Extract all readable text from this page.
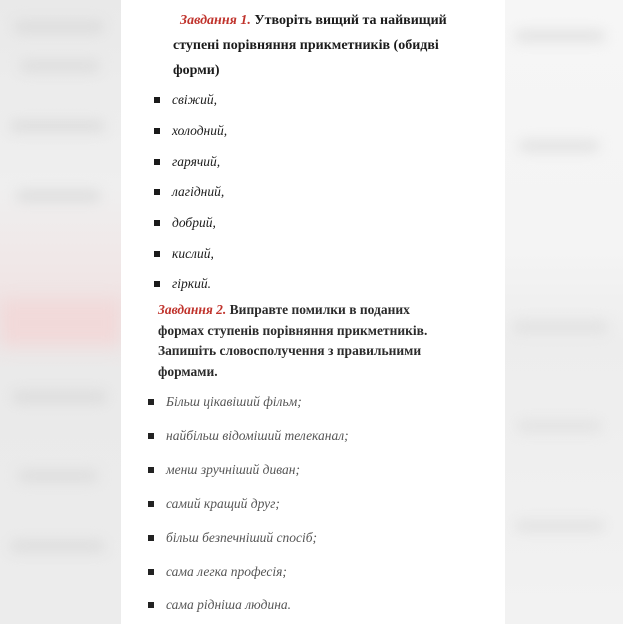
Завдання 1. Утворіть вищий та найвищий
ступені порівняння прикметників (обидві
форми)
свіжий,
холодний,
гарячий,
лагідний,
добрий,
кислий,
гіркий.
Завдання 2. Виправте помилки в поданих
формах ступенів порівняння прикметників.
Запишіть словосполучення з правильними
формами.
Більш цікавіший фільм;
найбільш відоміший телеканал;
менш зручніший диван;
самий кращий друг;
більш безпечніший спосіб;
сама легка професія;
сама рідніша людина.
